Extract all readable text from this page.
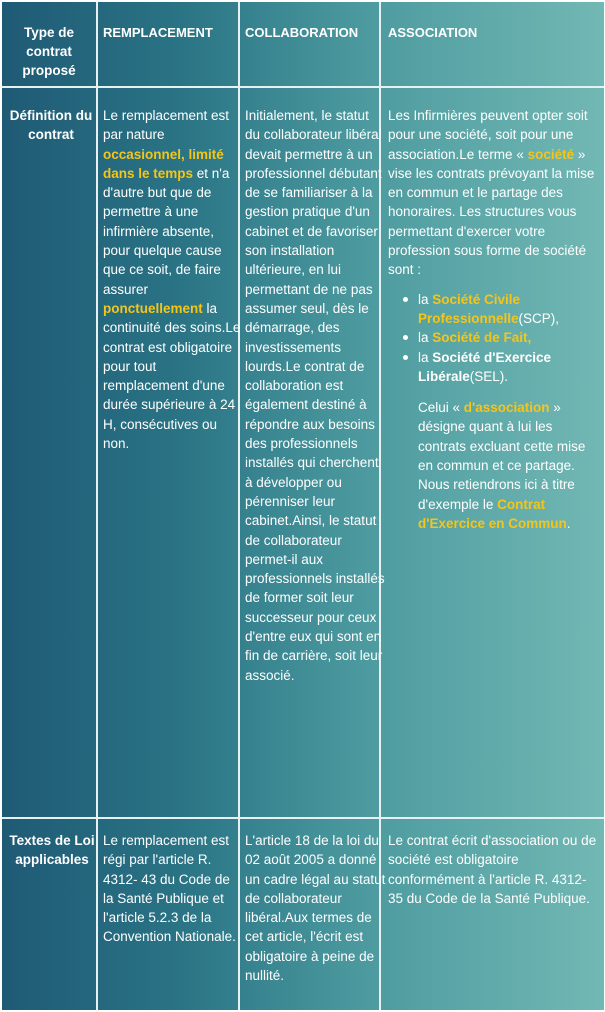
Type de contrat proposé
REMPLACEMENT	COLLABORATION	ASSOCIATION
Définition du contrat
Le remplacement est par nature occasionnel, limité dans le temps et n'a d'autre but que de permettre à une infirmière absente, pour quelque cause que ce soit, de faire assurer ponctuellement la continuité des soins.Le contrat est obligatoire pour tout remplacement d'une durée supérieure à 24 H, consécutives ou non.
Initialement, le statut du collaborateur libéral devait permettre à un professionnel débutant de se familiariser à la gestion pratique d'un cabinet et de favoriser son installation ultérieure, en lui permettant de ne pas assumer seul, dès le démarrage, des investissements lourds.Le contrat de collaboration est également destiné à répondre aux besoins des professionnels installés qui cherchent à développer ou pérenniser leur cabinet.Ainsi, le statut de collaborateur permet-il aux professionnels installés de former soit leur successeur pour ceux d'entre eux qui sont en fin de carrière, soit leur associé.

Les Infirmières peuvent opter soit pour une société, soit pour une association.Le terme « société » vise les contrats prévoyant la mise en commun et le partage des honoraires. Les structures vous permettant d'exercer votre profession sous forme de société sont :

la Société Civile Professionnelle(SCP),
la Société de Fait,
la Société d'Exercice Libérale(SEL).

Celui « d'association » désigne quant à lui les contrats excluant cette mise en commun et ce partage. Nous retiendrons ici à titre d'exemple le Contrat d'Exercice en Commun.

Textes de Loi applicables
Le remplacement est régi par l'article R. 4312- 43 du Code de la Santé Publique et l'article 5.2.3 de la Convention Nationale.
L'article 18 de la loi du 02 août 2005 a donné un cadre légal au statut de collaborateur libéral.Aux termes de cet article, l'écrit est obligatoire à peine de nullité.
Le contrat écrit d'association ou de société est obligatoire conformément à l'article R. 4312- 35 du Code de la Santé Publique.
